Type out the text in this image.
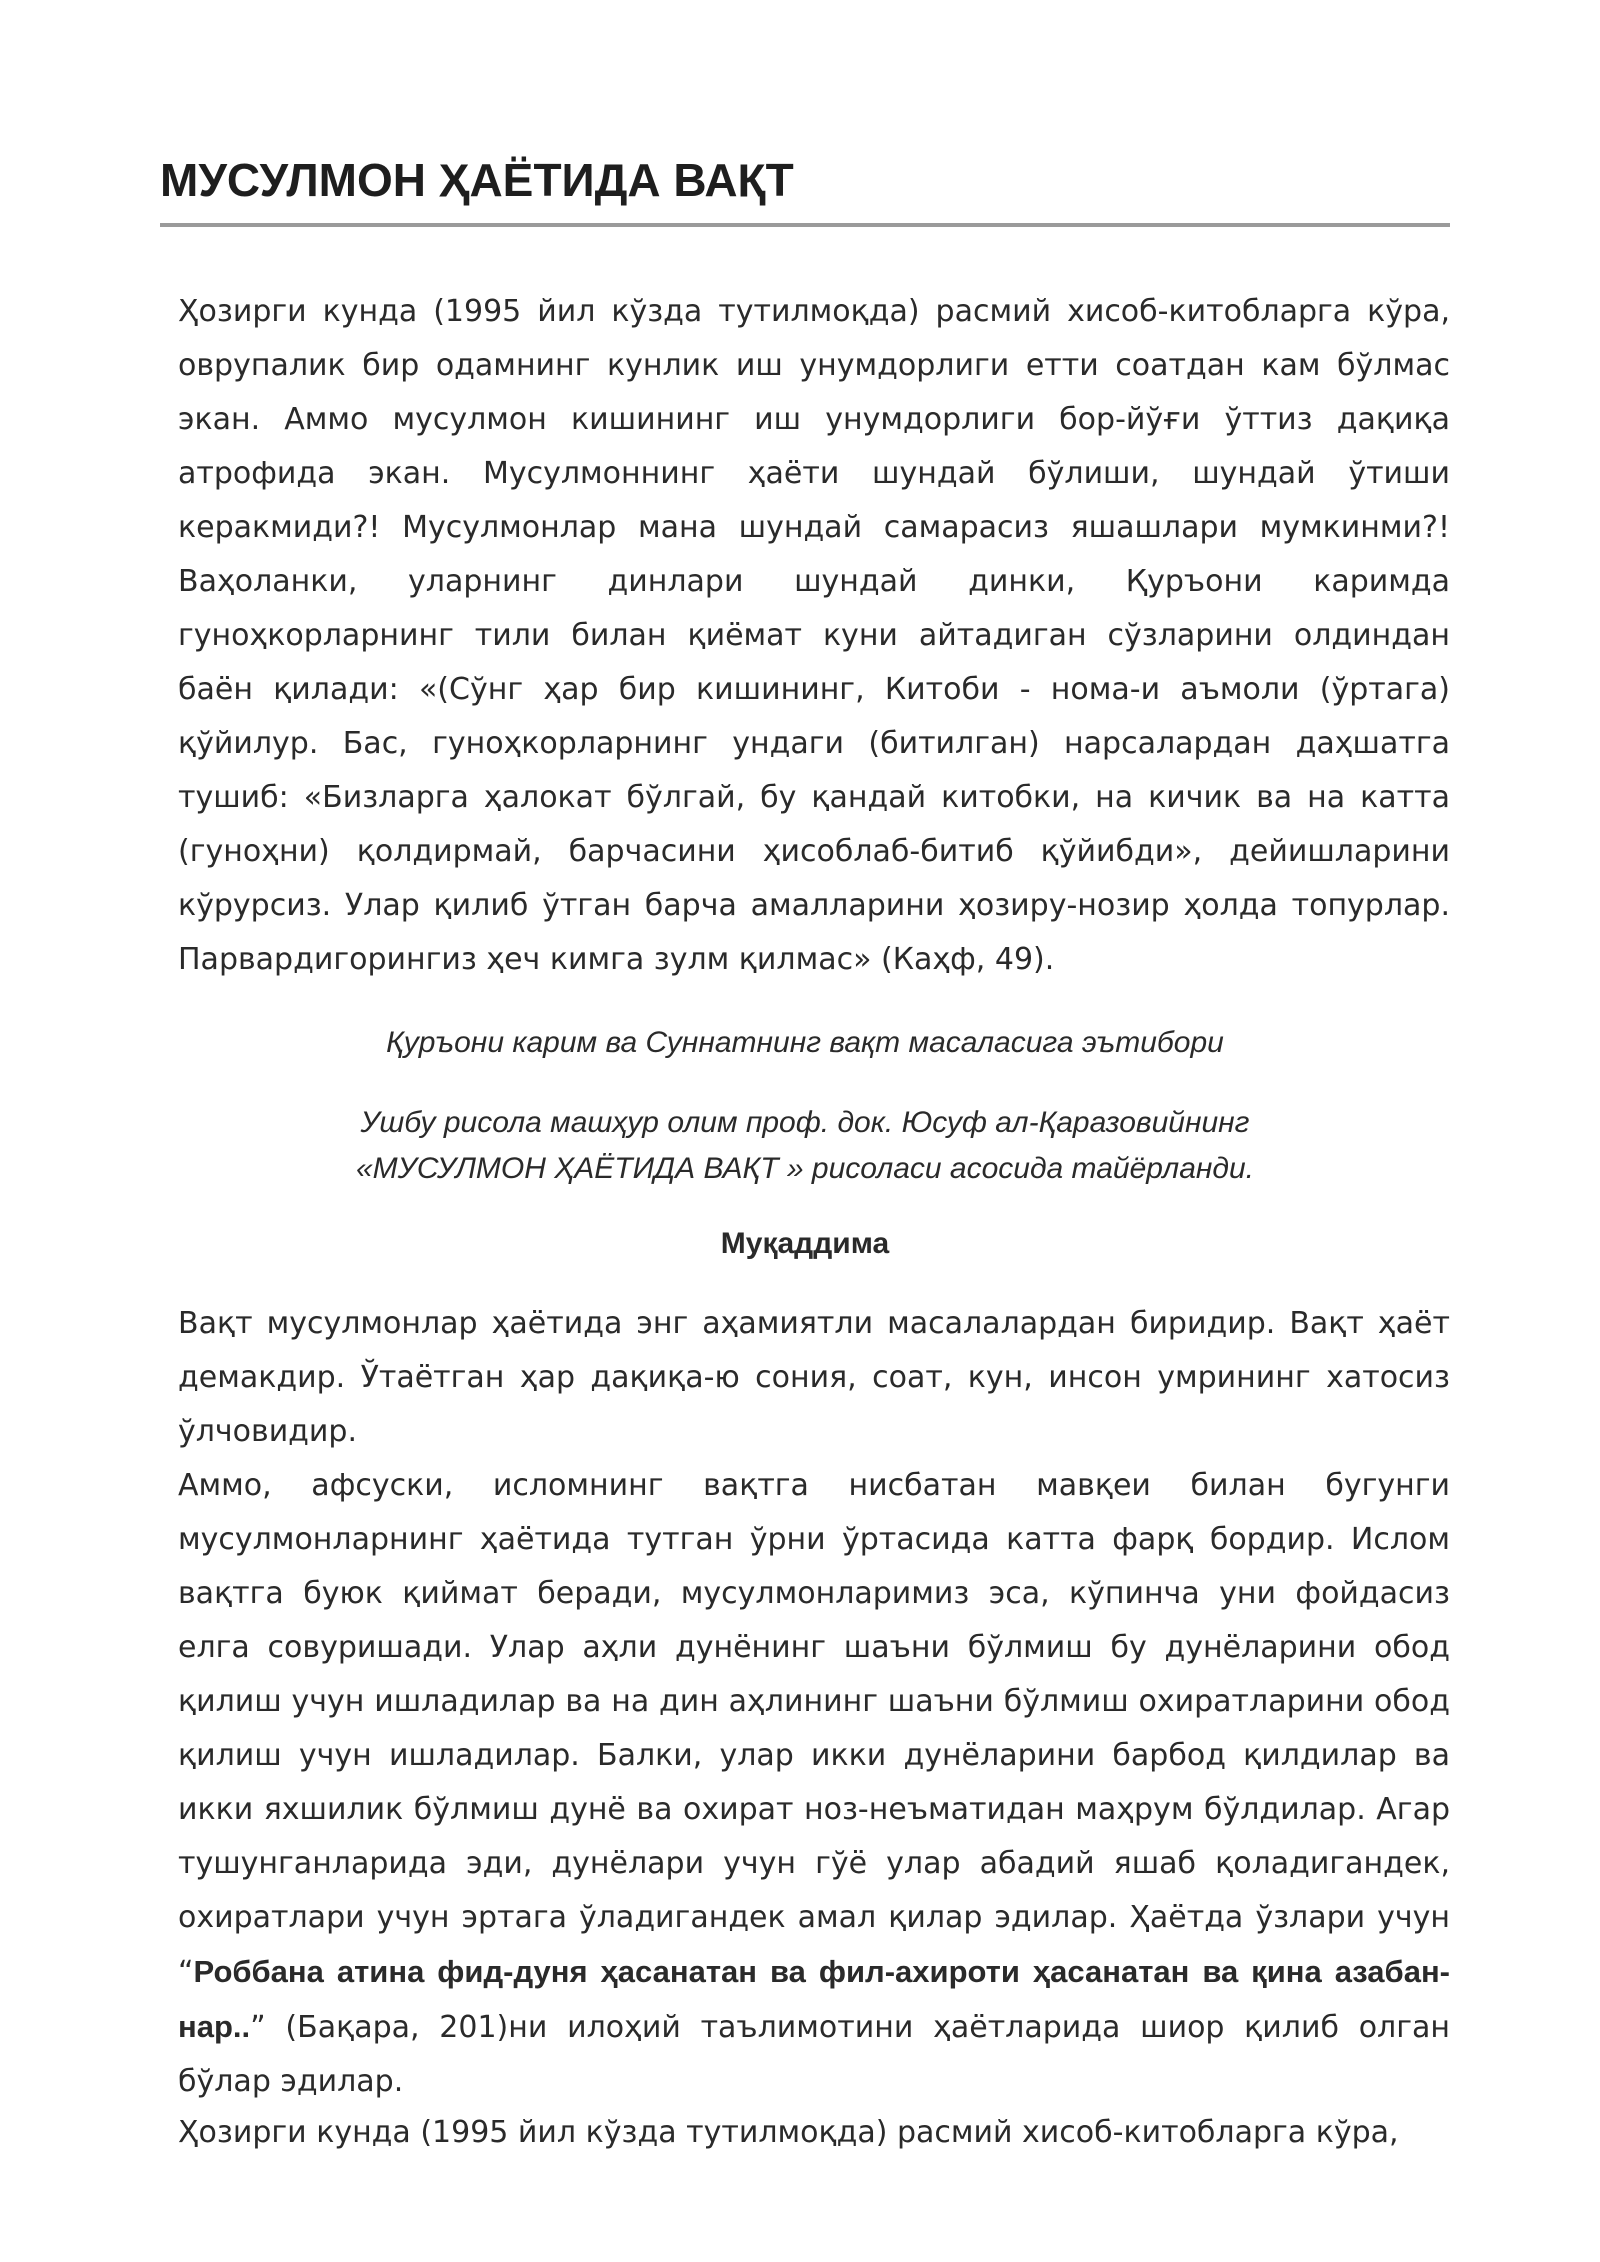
МУСУЛМОН ҲАЁТИДА ВАҚТ

Ҳозирги кунда (1995 йил кўзда тутилмоқда) расмий хисоб-китобларга кўра, оврупалик бир одамнинг кунлик иш унумдорлиги етти соатдан кам бўлмас экан. Аммо мусулмон кишининг иш унумдорлиги бор-йўғи ўттиз дақиқа атрофида экан. Мусулмоннинг ҳаёти шундай бўлиши, шундай ўтиши керакмиди?! Мусулмонлар мана шундай самарасиз яшашлари мумкинми?! Ваҳоланки, уларнинг динлари шундай динки, Қуръони каримда гуноҳкорларнинг тили билан қиёмат куни айтадиган сўзларини олдиндан баён қилади: «(Сўнг ҳар бир кишининг, Китоби - нома-и аъмоли (ўртага) қўйилур. Бас, гуноҳкорларнинг ундаги (битилган) нарсалардан даҳшатга тушиб: «Бизларга ҳалокат бўлгай, бу қандай китобки, на кичик ва на катта (гуноҳни) қолдирмай, барчасини ҳисоблаб-битиб қўйибди», дейишларини кўрурсиз. Улар қилиб ўтган барча амалларини ҳозиру-нозир ҳолда топурлар. Парвардигорингиз ҳеч кимга зулм қилмас» (Каҳф, 49).

Қуръони карим ва Суннатнинг вақт масаласига эътибори

Ушбу рисола машҳур олим проф. док. Юсуф ал-Қаразовийнинг
«МУСУЛМОН ҲАЁТИДА ВАҚТ » рисоласи асосида тайёрланди.

Муқаддима

Вақт мусулмонлар ҳаётида энг аҳамиятли масалалардан биридир. Вақт ҳаёт демакдир. Ўтаётган ҳар дақиқа-ю сония, соат, кун, инсон умрининг хатосиз ўлчовидир.

Аммо, афсуски, исломнинг вақтга нисбатан мавқеи билан бугунги мусулмонларнинг ҳаётида тутган ўрни ўртасида катта фарқ бордир. Ислом вақтга буюк қиймат беради, мусулмонларимиз эса, кўпинча уни фойдасиз елга совуришади. Улар аҳли дунёнинг шаъни бўлмиш бу дунёларини обод қилиш учун ишладилар ва на дин аҳлининг шаъни бўлмиш охиратларини обод қилиш учун ишладилар. Балки, улар икки дунёларини барбод қилдилар ва икки яхшилик бўлмиш дунё ва охират ноз-неъматидан маҳрум бўлдилар. Агар тушунганларида эди, дунёлари учун гўё улар абадий яшаб қоладигандек, охиратлари учун эртага ўладигандек амал қилар эдилар. Ҳаётда ўзлари учун “Роббана атина фид-дуня ҳасанатан ва фил-ахироти ҳасанатан ва қина азабан-нар..” (Бақара, 201)ни илоҳий таълимотини ҳаётларида шиор қилиб олган бўлар эдилар.

Ҳозирги кунда (1995 йил кўзда тутилмоқда) расмий хисоб-китобларга кўра,
